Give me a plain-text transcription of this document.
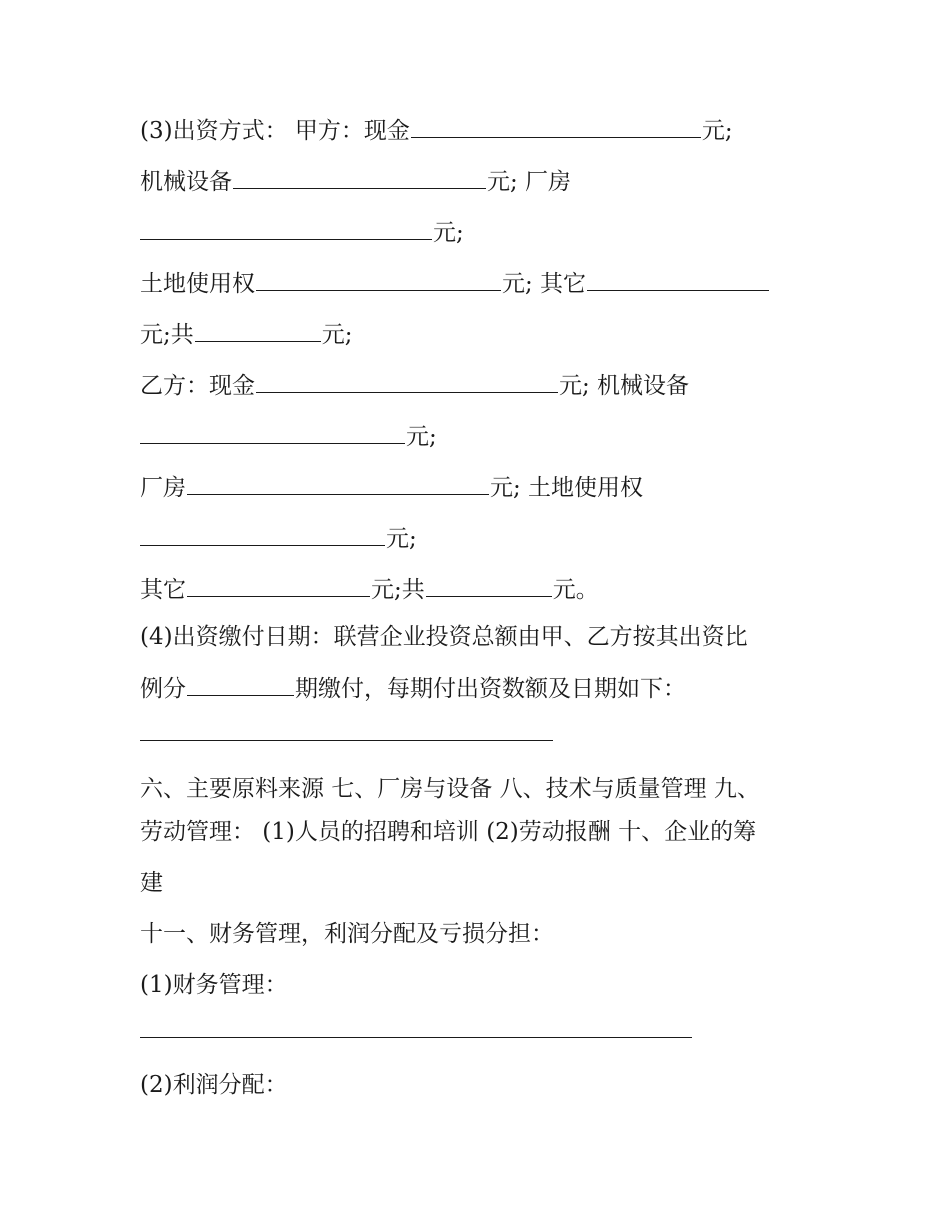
(3)出资方式： 甲方：现金	元;
机械设备	元; 厂房
元;
土地使用权	元; 其它
元;共	元;
乙方：现金	元; 机械设备
元;
厂房	元; 土地使用权
元;
其它	元;共	元。
(4)出资缴付日期：联营企业投资总额由甲、乙方按其出资比
例分	期缴付，每期付出资数额及日期如下：
六、主要原料来源 七、厂房与设备 八、技术与质量管理 九、
劳动管理： (1)人员的招聘和培训 (2)劳动报酬 十、企业的筹
建
十一、财务管理，利润分配及亏损分担：
(1)财务管理：
(2)利润分配：
